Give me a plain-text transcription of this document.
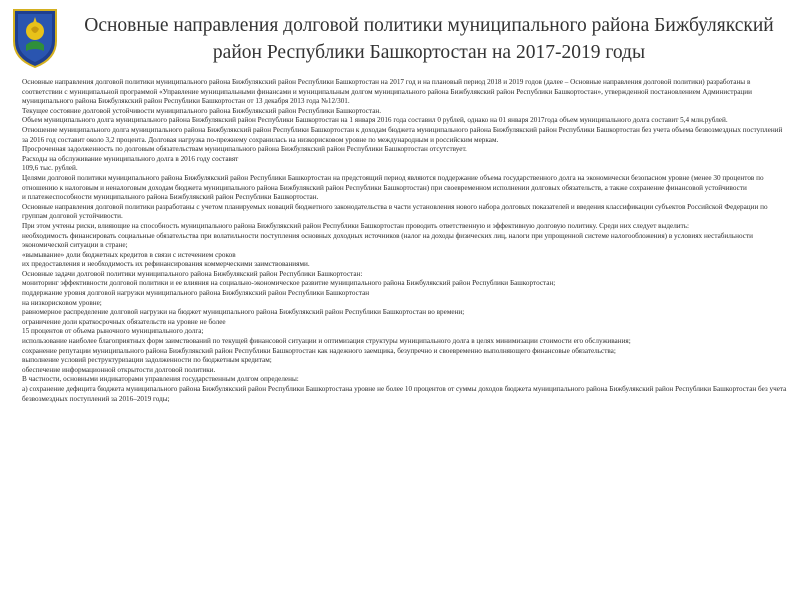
Основные направления долговой политики муниципального района Бижбулякский район Республики Башкортостан на 2017-2019 годы

Основные направления долговой политики муниципального района Бижбулякский район Республики Башкортостан на 2017 год и на плановый период 2018 и 2019 годов (далее – Основные направления долговой политики) разработаны в соответствии с муниципальной программой «Управление муниципальными финансами и муниципальным долгом муниципального района Бижбулякский район Республики Башкортостан», утвержденной постановлением Администрации муниципального района Бижбулякский район Республики Башкортостан от 13 декабря 2013 года №12/301.

Текущее состояние долговой устойчивости муниципального района Бижбулякский район Республики Башкортостан.

Объем муниципального долга муниципального района Бижбулякский район Республики Башкортостан на 1 января 2016 года составил 0 рублей, однако на 01 января 2017года объем муниципального долга составит 5,4 млн.рублей.

Отношение муниципального долга муниципального района Бижбулякский район Республики Башкортостан к доходам бюджета муниципального района Бижбулякский район Республики Башкортостан без учета объема безвозмездных поступлений за 2016 год составит около 3,2 процента. Долговая нагрузка по-прежнему сохранилась на низкорисковом уровне по международным и российским меркам.

Просроченная задолженность по долговым обязательствам муниципального района Бижбулякский район Республики Башкортостан отсутствует.

Расходы на обслуживание муниципального долга в 2016 году составят

109,6 тыс. рублей.

Целями долговой политики муниципального района Бижбулякский район Республики Башкортостан на предстоящий период являются поддержание объема государственного долга на экономически безопасном уровне (менее 30 процентов по отношению к налоговым и неналоговым доходам бюджета муниципального района Бижбулякский район Республики Башкортостан) при своевременном исполнении долговых обязательств, а также сохранение финансовой устойчивости

и платежеспособности муниципального района Бижбулякский район Республики Башкортостан.

Основные направления долговой политики разработаны с учетом планируемых новаций бюджетного законодательства в части установления нового набора долговых показателей и введения классификации субъектов Российской Федерации по группам долговой устойчивости.

При этом учтены риски, влияющие на способность муниципального района Бижбулякский район Республики Башкортостан проводить ответственную и эффективную долговую политику. Среди них следует выделить:

необходимость финансировать социальные обязательства при волатильности поступления основных доходных источников (налог на доходы физических лиц, налоги при упрощенной системе налогообложения) в условиях нестабильности экономической ситуации в стране;

«вымывание» доли бюджетных кредитов в связи с истечением сроков

их предоставления и необходимость их рефинансирования коммерческими заимствованиями.

Основные задачи долговой политики муниципального района Бижбулякский район Республики Башкортостан:

мониторинг эффективности долговой политики и ее влияния на социально-экономическое развитие муниципального района Бижбулякский район Республики Башкортостан;

поддержание уровня долговой нагрузки муниципального района Бижбулякский район Республики Башкортостан

на низкорисковом уровне;

равномерное распределение долговой нагрузки на бюджет муниципального района Бижбулякский район Республики Башкортостан во времени;

ограничение доли краткосрочных обязательств на уровне не более

15 процентов от объема рыночного муниципального долга;

использование наиболее благоприятных форм заимствований по текущей финансовой ситуации и оптимизация структуры муниципального долга в целях минимизации стоимости его обслуживания;

сохранение репутации муниципального района Бижбулякский район Республики Башкортостан как надежного заемщика, безупречно и своевременно выполняющего финансовые обязательства;

выполнение условий реструктуризации задолженности по бюджетным кредитам;

обеспечение информационной открытости долговой политики.

В частности, основными индикаторами управления государственным долгом определены:

а) сохранение дефицита бюджета муниципального района Бижбулякский район Республики Башкортостана уровне не более 10 процентов от суммы доходов бюджета муниципального района Бижбулякский район Республики Башкортостан без учета безвозмездных поступлений за 2016–2019 годы;
